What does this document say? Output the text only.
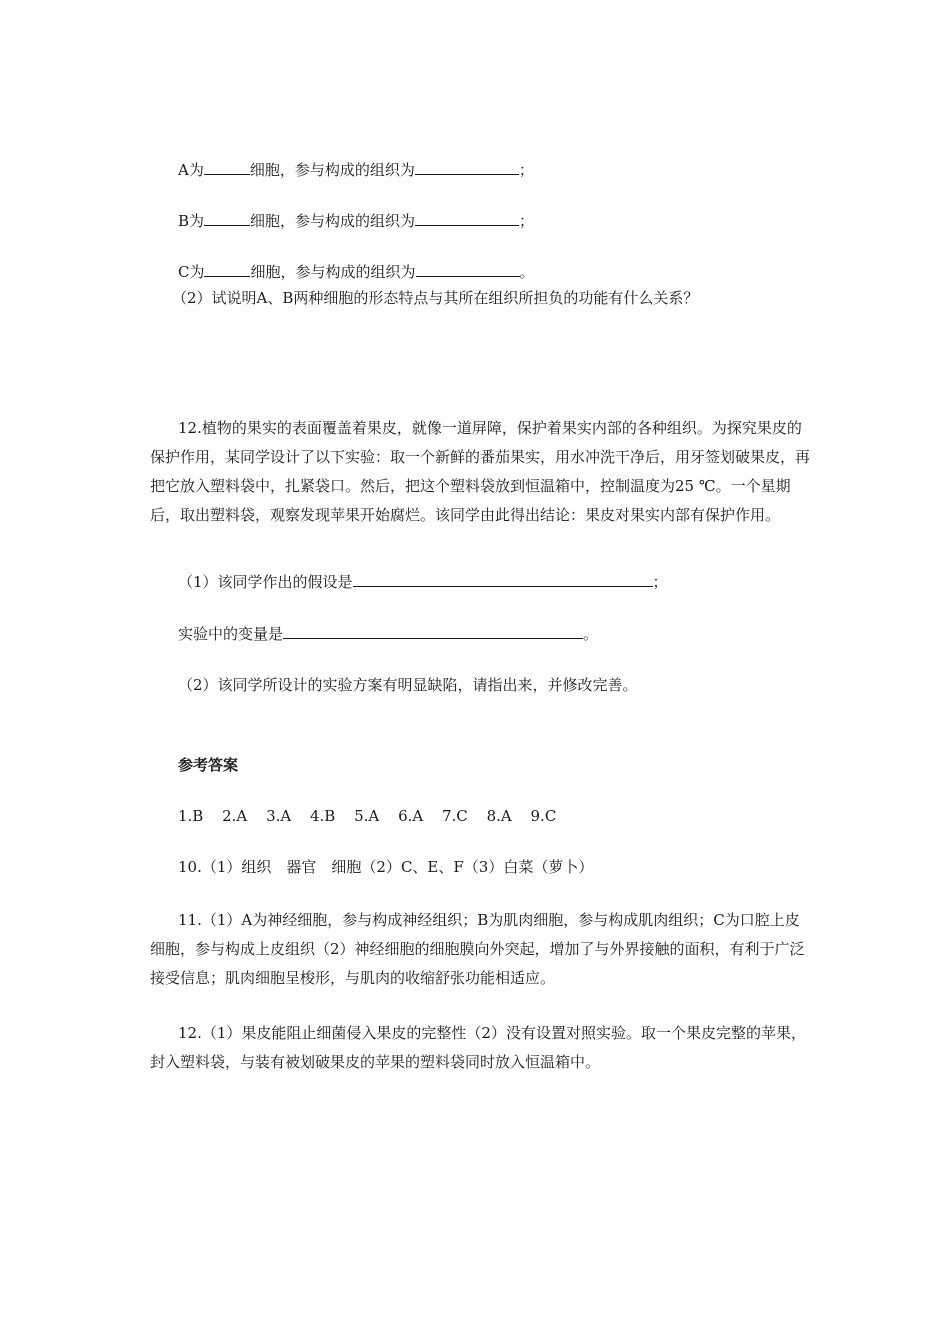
A为	细胞，参与构成的组织为	；
B为	细胞，参与构成的组织为	；
C为	细胞，参与构成的组织为	。
（2）试说明A、B两种细胞的形态特点与其所在组织所担负的功能有什么关系？
12.植物的果实的表面覆盖着果皮，就像一道屏障，保护着果实内部的各种组织。为探究果皮的保护作用，某同学设计了以下实验：取一个新鲜的番茄果实，用水冲洗干净后，用牙签划破果皮，再把它放入塑料袋中，扎紧袋口。然后，把这个塑料袋放到恒温箱中，控制温度为25 ℃。一个星期后，取出塑料袋，观察发现苹果开始腐烂。该同学由此得出结论：果皮对果实内部有保护作用。
（1）该同学作出的假设是	；
实验中的变量是	。
（2）该同学所设计的实验方案有明显缺陷，请指出来，并修改完善。
参考答案
1.B 2.A 3.A 4.B 5.A 6.A 7.C 8.A 9.C
10.（1）组织　器官　细胞（2）C、E、F（3）白菜（萝卜）
11.（1）A为神经细胞，参与构成神经组织；B为肌肉细胞，参与构成肌肉组织；C为口腔上皮细胞，参与构成上皮组织（2）神经细胞的细胞膜向外突起，增加了与外界接触的面积，有利于广泛接受信息；肌肉细胞呈梭形，与肌肉的收缩舒张功能相适应。
12.（1）果皮能阻止细菌侵入果皮的完整性（2）没有设置对照实验。取一个果皮完整的苹果，封入塑料袋，与装有被划破果皮的苹果的塑料袋同时放入恒温箱中。
